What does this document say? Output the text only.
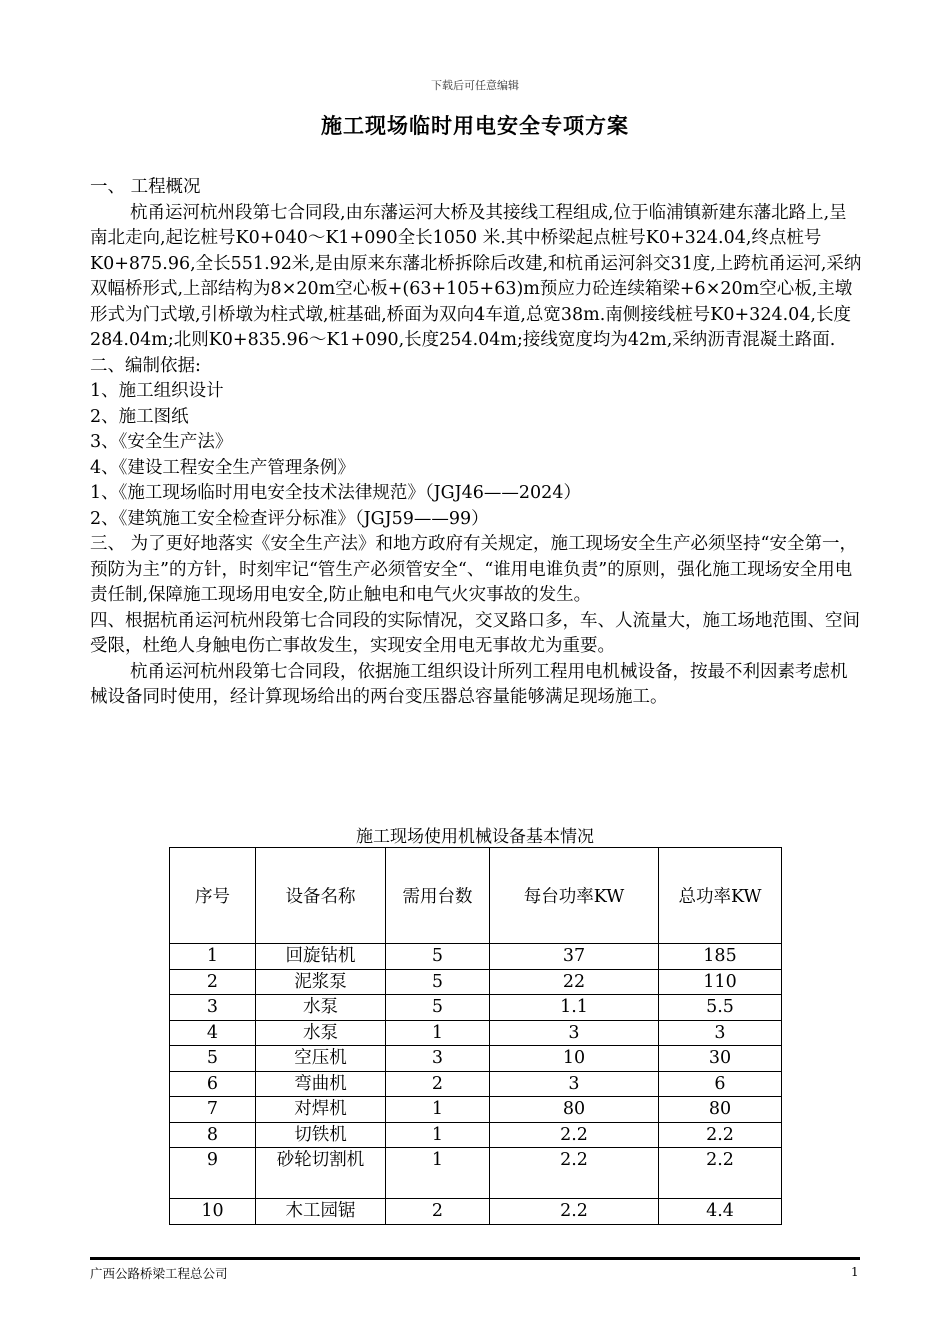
下载后可任意编辑
施工现场临时用电安全专项方案

一、 工程概况

杭甬运河杭州段第七合同段,由东藩运河大桥及其接线工程组成,位于临浦镇新建东藩北路上,呈南北走向,起讫桩号K0+040～K1+090全长1050 米.其中桥梁起点桩号K0+324.04,终点桩号K0+875.96,全长551.92米,是由原来东藩北桥拆除后改建,和杭甬运河斜交31度,上跨杭甬运河,采纳双幅桥形式,上部结构为8×20m空心板+(63+105+63)m预应力砼连续箱梁+6×20m空心板,主墩形式为门式墩,引桥墩为柱式墩,桩基础,桥面为双向4车道,总宽38m.南侧接线桩号K0+324.04,长度284.04m;北则K0+835.96～K1+090,长度254.04m;接线宽度均为42m,采纳沥青混凝土路面.

二、编制依据:

1、施工组织设计

2、施工图纸

3、《安全生产法》

4、《建设工程安全生产管理条例》

1、《施工现场临时用电安全技术法律规范》（JGJ46——2024）

2、《建筑施工安全检查评分标准》（JGJ59——99）

三、 为了更好地落实《安全生产法》和地方政府有关规定，施工现场安全生产必须坚持“安全第一，预防为主”的方针，时刻牢记“管生产必须管安全“、“谁用电谁负责”的原则，强化施工现场安全用电责任制,保障施工现场用电安全,防止触电和电气火灾事故的发生。

四、根据杭甬运河杭州段第七合同段的实际情况，交叉路口多，车、人流量大，施工场地范围、空间受限，杜绝人身触电伤亡事故发生，实现安全用电无事故尤为重要。

杭甬运河杭州段第七合同段，依据施工组织设计所列工程用电机械设备，按最不利因素考虑机械设备同时使用，经计算现场给出的两台变压器总容量能够满足现场施工。

施工现场使用机械设备基本情况
序号	设备名称	需用台数	每台功率KW	总功率KW
1	回旋钻机	5	37	185
2	泥浆泵	5	22	110
3	水泵	5	1.1	5.5
4	水泵	1	3	3
5	空压机	3	10	30
6	弯曲机	2	3	6
7	对焊机	1	80	80
8	切铁机	1	2.2	2.2
9	砂轮切割机	1	2.2	2.2
10	木工园锯	2	2.2	4.4
广西公路桥梁工程总公司	1
